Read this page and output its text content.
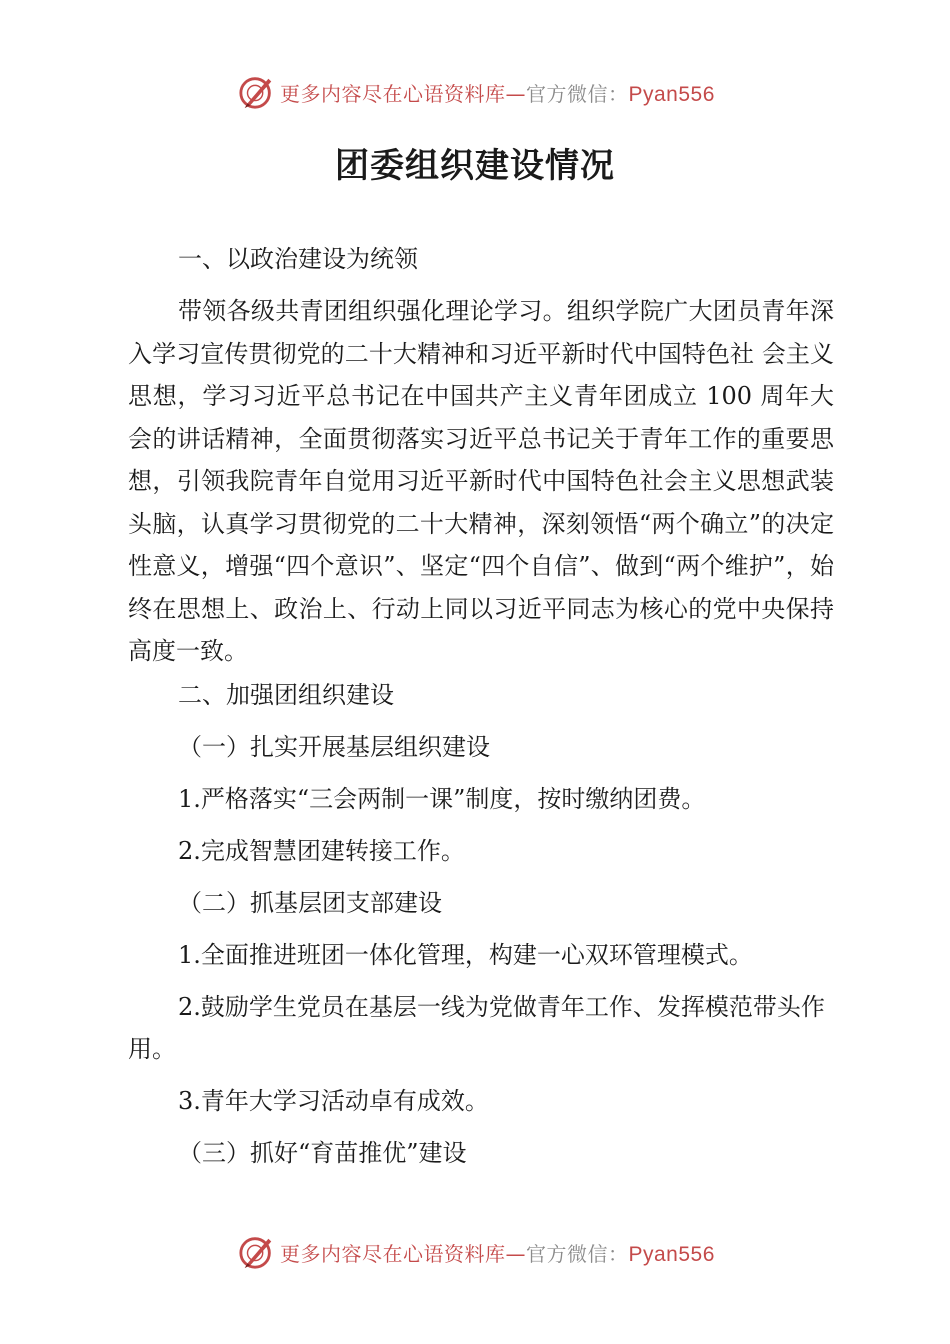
更多内容尽在心语资料库—官方微信：Pyan556
团委组织建设情况

一、以政治建设为统领

带领各级共青团组织强化理论学习。组织学院广大团员青年深入学习宣传贯彻党的二十大精神和习近平新时代中国特色社 会主义思想，学习习近平总书记在中国共产主义青年团成立 100 周年大会的讲话精神，全面贯彻落实习近平总书记关于青年工作的重要思想，引领我院青年自觉用习近平新时代中国特色社会主义思想武装头脑，认真学习贯彻党的二十大精神，深刻领悟“两个确立”的决定性意义，增强“四个意识”、坚定“四个自信”、做到“两个维护”，始终在思想上、政治上、行动上同以习近平同志为核心的党中央保持高度一致。

二、加强团组织建设

（一）扎实开展基层组织建设

1.严格落实“三会两制一课”制度，按时缴纳团费。

2.完成智慧团建转接工作。

（二）抓基层团支部建设

1.全面推进班团一体化管理，构建一心双环管理模式。

2.鼓励学生党员在基层一线为党做青年工作、发挥模范带头作用。

3.青年大学习活动卓有成效。

（三）抓好“育苗推优”建设

更多内容尽在心语资料库—官方微信：Pyan556
